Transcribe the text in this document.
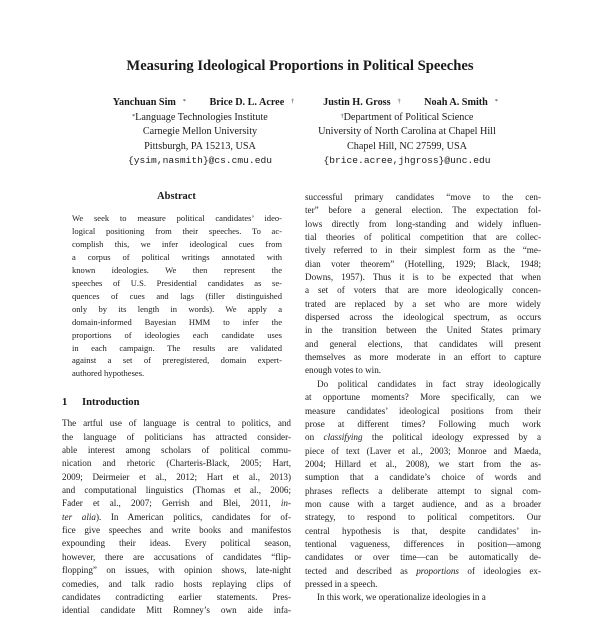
Measuring Ideological Proportions in Political Speeches
Yanchuan Sim * Brice D. L. Acree †
*Language Technologies Institute
Carnegie Mellon University
Pittsburgh, PA 15213, USA
{ysim,nasmith}@cs.cmu.edu
Justin H. Gross † Noah A. Smith *
†Department of Political Science
University of North Carolina at Chapel Hill
Chapel Hill, NC 27599, USA
{brice.acree,jhgross}@unc.edu
Abstract
We seek to measure political candidates’ ideo-
logical positioning from their speeches. To ac-
complish this, we infer ideological cues from
a corpus of political writings annotated with
known ideologies. We then represent the
speeches of U.S. Presidential candidates as se-
quences of cues and lags (filler distinguished
only by its length in words). We apply a
domain-informed Bayesian HMM to infer the
proportions of ideologies each candidate uses
in each campaign. The results are validated
against a set of preregistered, domain expert-
authored hypotheses.
1 Introduction
The artful use of language is central to politics, and
the language of politicians has attracted consider-
able interest among scholars of political commu-
nication and rhetoric (Charteris-Black, 2005; Hart,
2009; Deirmeier et al., 2012; Hart et al., 2013)
and computational linguistics (Thomas et al., 2006;
Fader et al., 2007; Gerrish and Blei, 2011, in-
ter alia). In American politics, candidates for of-
fice give speeches and write books and manifestos
expounding their ideas. Every political season,
however, there are accusations of candidates “flip-
flopping” on issues, with opinion shows, late-night
comedies, and talk radio hosts replaying clips of
candidates contradicting earlier statements. Pres-
idential candidate Mitt Romney’s own aide infa-
successful primary candidates “move to the cen-
ter” before a general election. The expectation fol-
lows directly from long-standing and widely influen-
tial theories of political competition that are collec-
tively referred to in their simplest form as the “me-
dian voter theorem” (Hotelling, 1929; Black, 1948;
Downs, 1957). Thus it is to be expected that when
a set of voters that are more ideologically concen-
trated are replaced by a set who are more widely
dispersed across the ideological spectrum, as occurs
in the transition between the United States primary
and general elections, that candidates will present
themselves as more moderate in an effort to capture
enough votes to win.
Do political candidates in fact stray ideologically
at opportune moments? More specifically, can we
measure candidates’ ideological positions from their
prose at different times? Following much work
on classifying the political ideology expressed by a
piece of text (Laver et al., 2003; Monroe and Maeda,
2004; Hillard et al., 2008), we start from the as-
sumption that a candidate’s choice of words and
phrases reflects a deliberate attempt to signal com-
mon cause with a target audience, and as a broader
strategy, to respond to political competitors. Our
central hypothesis is that, despite candidates’ in-
tentional vagueness, differences in position—among
candidates or over time—can be automatically de-
tected and described as proportions of ideologies ex-
pressed in a speech.
In this work, we operationalize ideologies in a
